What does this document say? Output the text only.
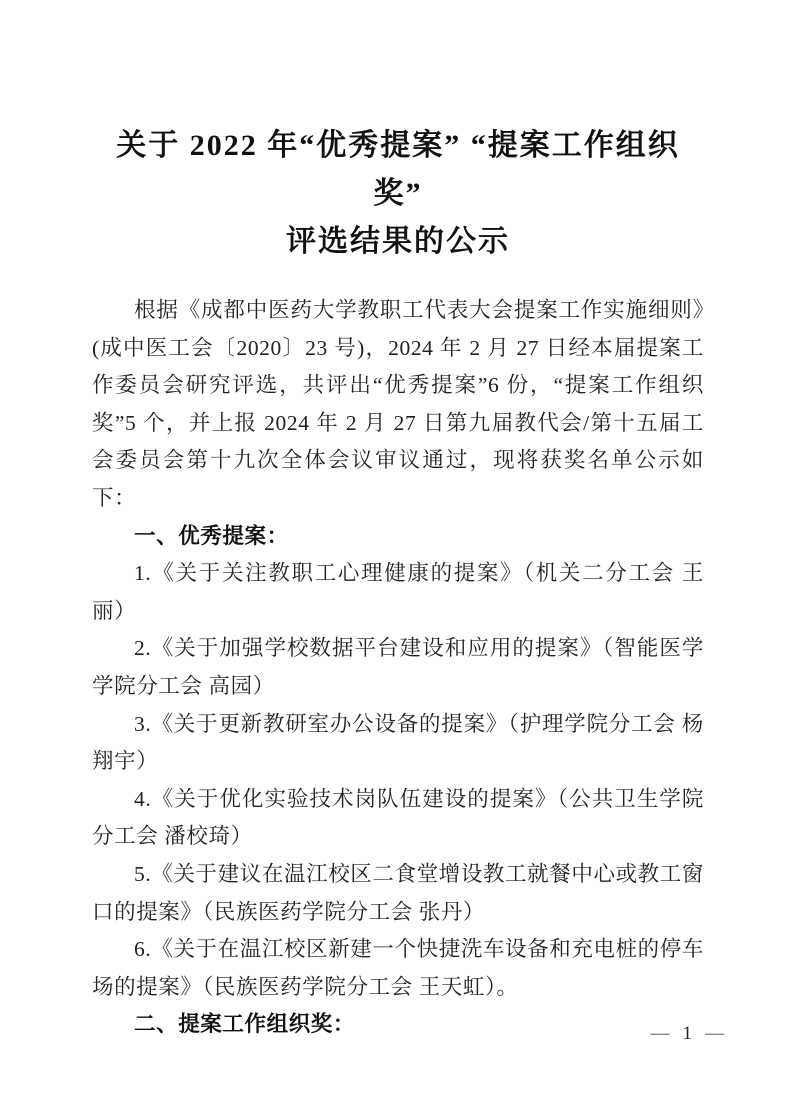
关于 2022 年“优秀提案” “提案工作组织奖”
评选结果的公示

根据《成都中医药大学教职工代表大会提案工作实施细则》(成中医工会〔2020〕23 号)，2024 年 2 月 27 日经本届提案工作委员会研究评选，共评出“优秀提案”6 份，“提案工作组织奖”5 个，并上报 2024 年 2 月 27 日第九届教代会/第十五届工会委员会第十九次全体会议审议通过，现将获奖名单公示如下：

一、优秀提案：

1.《关于关注教职工心理健康的提案》（机关二分工会 王丽）

2.《关于加强学校数据平台建设和应用的提案》（智能医学学院分工会 高园）

3.《关于更新教研室办公设备的提案》（护理学院分工会 杨翔宇）

4.《关于优化实验技术岗队伍建设的提案》（公共卫生学院分工会 潘校琦）

5.《关于建议在温江校区二食堂增设教工就餐中心或教工窗口的提案》（民族医药学院分工会 张丹）

6.《关于在温江校区新建一个快捷洗车设备和充电桩的停车场的提案》（民族医药学院分工会 王天虹）。

二、提案工作组织奖：	— 1 —
